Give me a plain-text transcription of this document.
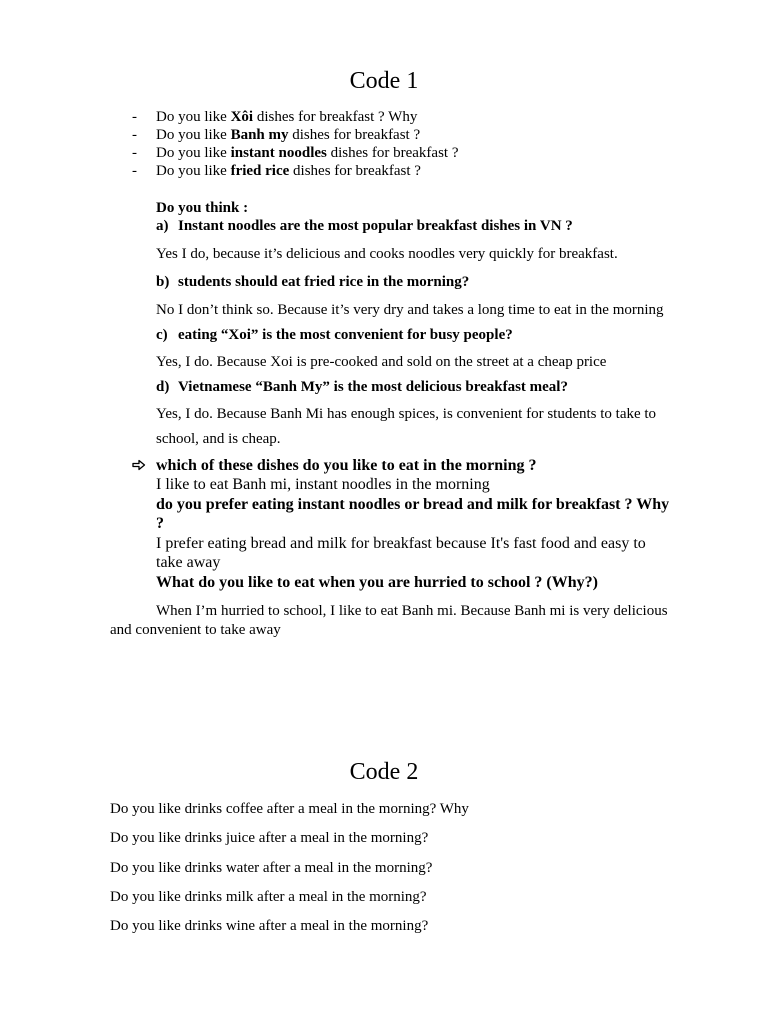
Code 1
- Do you like Xôi dishes for breakfast ? Why
- Do you like Banh my dishes for breakfast ?
- Do you like instant noodles dishes for breakfast ?
- Do you like fried rice dishes for breakfast ?
Do you think :
a) Instant noodles are the most popular breakfast dishes in VN ?
Yes I do, because it’s delicious and cooks noodles very quickly for breakfast.
b) students should eat fried rice in the morning?
No I don’t think so. Because it’s very dry and takes a long time to eat in the morning
c) eating “Xoi” is the most convenient for busy people?
Yes, I do. Because Xoi is pre-cooked and sold on the street at a cheap price
d) Vietnamese “Banh My” is the most delicious breakfast meal?
Yes, I do. Because Banh Mi has enough spices, is convenient for students to take to
school, and is cheap.
which of these dishes do you like to eat in the morning ?
I like to eat Banh mi, instant noodles in the morning
do you prefer eating instant noodles or bread and milk for breakfast ? Why
?
I prefer eating bread and milk for breakfast because It's fast food and easy to
take away
What do you like to eat when you are hurried to school ? (Why?)
When I’m hurried to school, I like to eat Banh mi. Because Banh mi is very delicious
and convenient to take away
Code 2
Do you like drinks coffee after a meal in the morning? Why
Do you like drinks juice after a meal in the morning?
Do you like drinks water after a meal in the morning?
Do you like drinks milk after a meal in the morning?
Do you like drinks wine after a meal in the morning?
